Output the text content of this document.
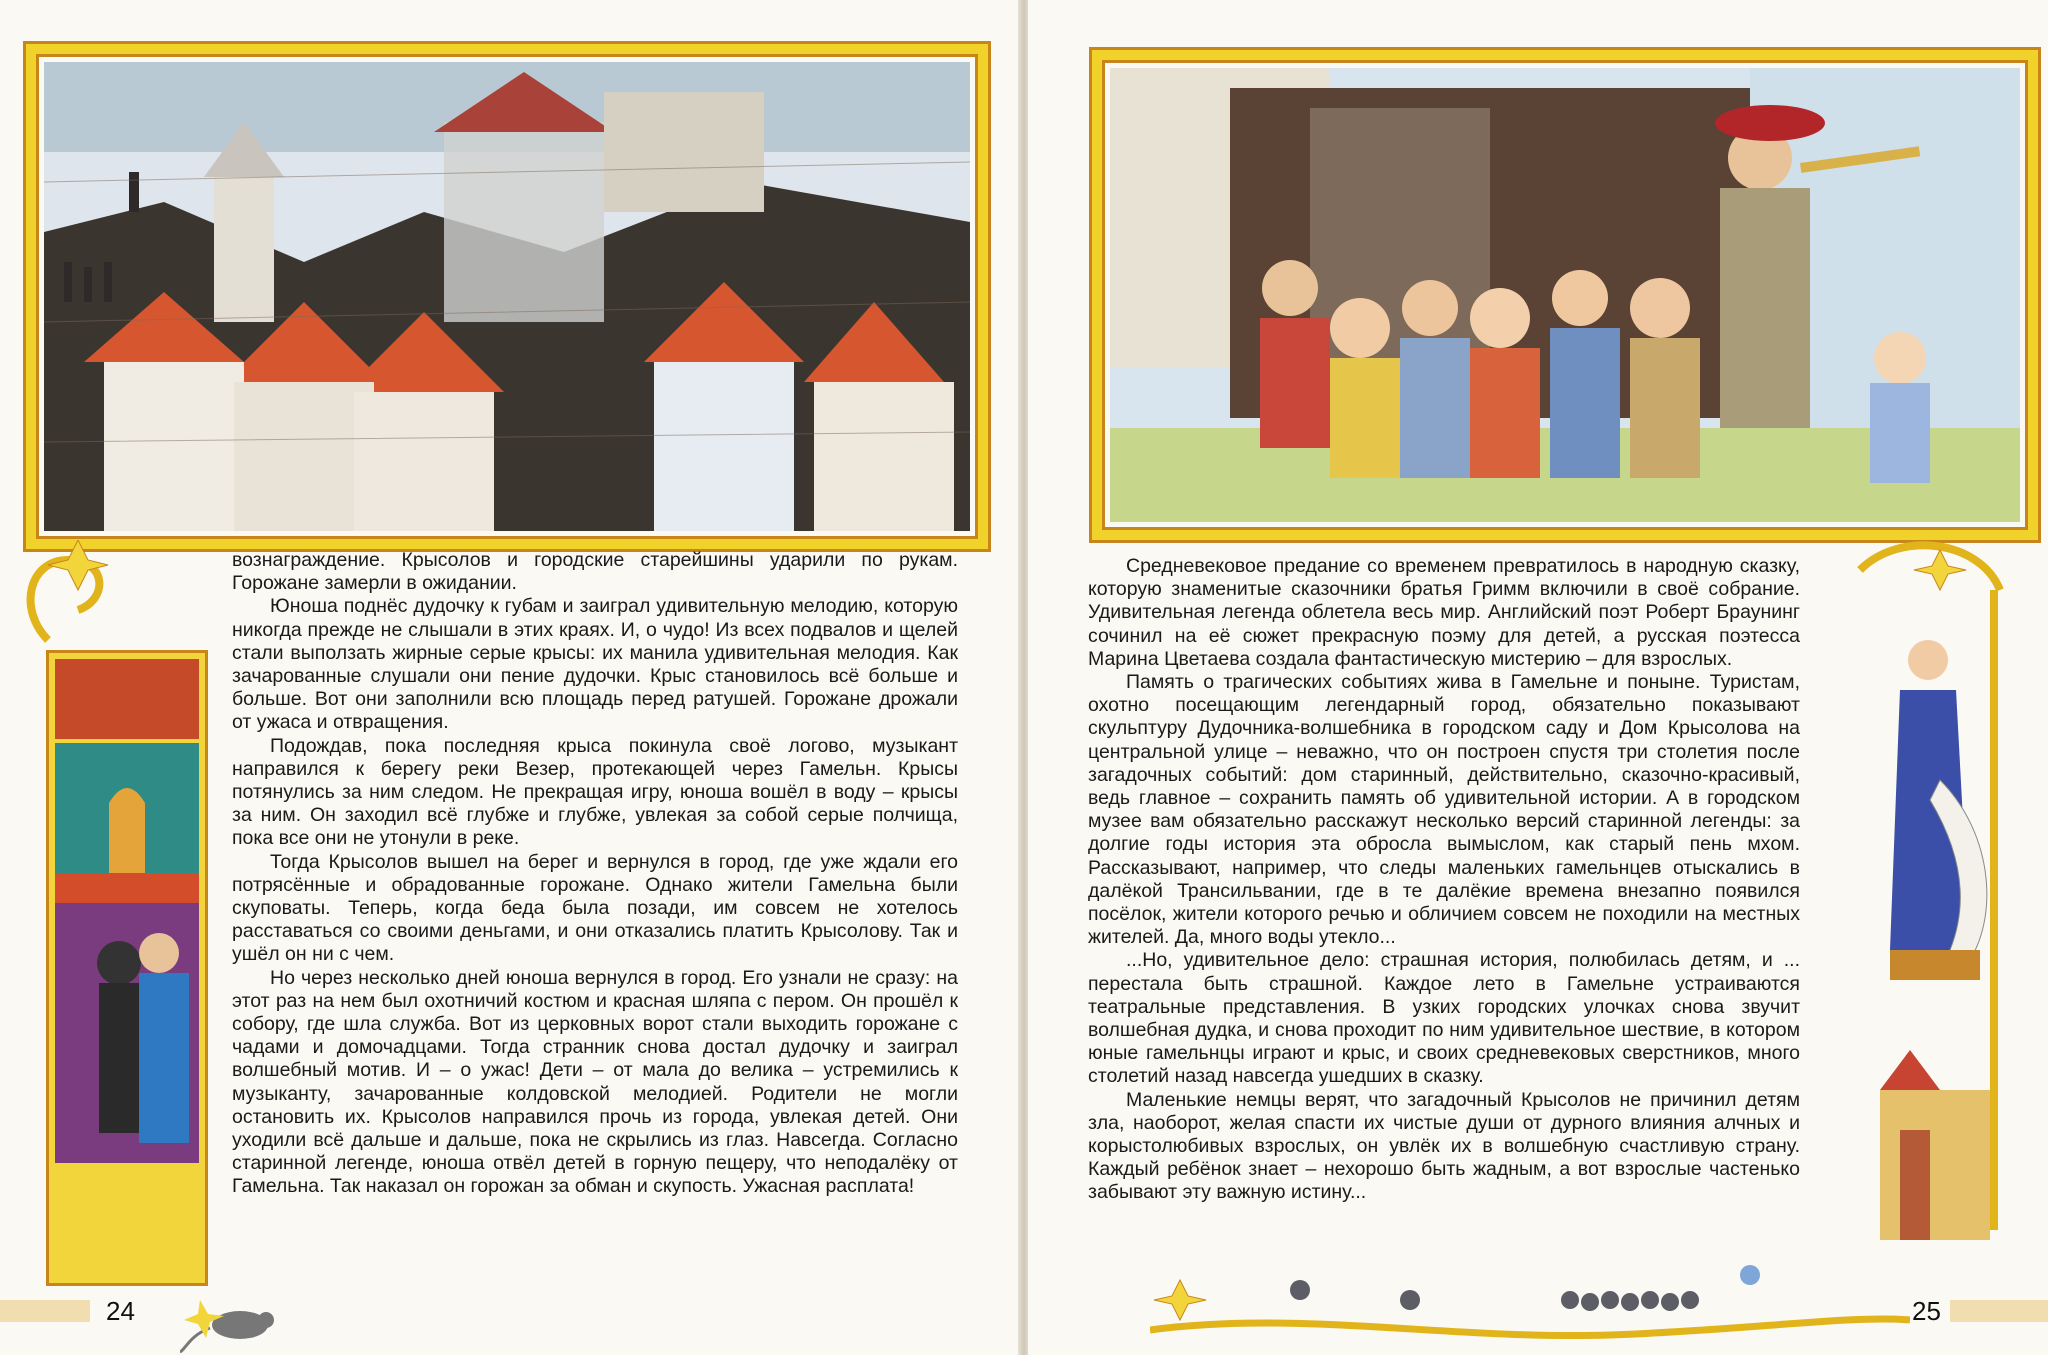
вознаграждение. Крысолов и городские старейшины ударили по рукам. Горожане замерли в ожидании.

Юноша поднёс дудочку к губам и заиграл удивительную мелодию, которую никогда прежде не слышали в этих краях. И, о чудо! Из всех подвалов и щелей стали выползать жирные серые крысы: их манила удивительная мелодия. Как зачарованные слушали они пение дудочки. Крыс становилось всё больше и больше. Вот они заполнили всю площадь перед ратушей. Горожане дрожали от ужаса и отвращения.

Подождав, пока последняя крыса покинула своё логово, музыкант направился к берегу реки Везер, протекающей через Гамельн. Крысы потянулись за ним следом. Не прекращая игру, юноша вошёл в воду – крысы за ним. Он заходил всё глубже и глубже, увлекая за собой серые полчища, пока все они не утонули в реке.

Тогда Крысолов вышел на берег и вернулся в город, где уже ждали его потрясённые и обрадованные горожане. Однако жители Гамельна были скуповаты. Теперь, когда беда была позади, им совсем не хотелось расставаться со своими деньгами, и они отказались платить Крысолову. Так и ушёл он ни с чем.

Но через несколько дней юноша вернулся в город. Его узнали не сразу: на этот раз на нем был охотничий костюм и красная шляпа с пером. Он прошёл к собору, где шла служба. Вот из церковных ворот стали выходить горожане с чадами и домочадцами. Тогда странник снова достал дудочку и заиграл волшебный мотив. И – о ужас! Дети – от мала до велика – устремились к музыканту, зачарованные колдовской мелодией. Родители не могли остановить их. Крысолов направился прочь из города, увлекая детей. Они уходили всё дальше и дальше, пока не скрылись из глаз. Навсегда. Согласно старинной легенде, юноша отвёл детей в горную пещеру, что неподалёку от Гамельна. Так наказал он горожан за обман и скупость. Ужасная расплата!

Средневековое предание со временем превратилось в народную сказку, которую знаменитые сказочники братья Гримм включили в своё собрание. Удивительная легенда облетела весь мир. Английский поэт Роберт Браунинг сочинил на её сюжет прекрасную поэму для детей, а русская поэтесса Марина Цветаева создала фантастическую мистерию – для взрослых.

Память о трагических событиях жива в Гамельне и поныне. Туристам, охотно посещающим легендарный город, обязательно показывают скульптуру Дудочника-волшебника в городском саду и Дом Крысолова на центральной улице – неважно, что он построен спустя три столетия после загадочных событий: дом старинный, действительно, сказочно-красивый, ведь главное – сохранить память об удивительной истории. А в городском музее вам обязательно расскажут несколько версий старинной легенды: за долгие годы история эта обросла вымыслом, как старый пень мхом. Рассказывают, например, что следы маленьких гамельнцев отыскались в далёкой Трансильвании, где в те далёкие времена внезапно появился посёлок, жители которого речью и обличием совсем не походили на местных жителей. Да, много воды утекло...

...Но, удивительное дело: страшная история, полюбилась детям, и ... перестала быть страшной. Каждое лето в Гамельне устраиваются театральные представления. В узких городских улочках снова звучит волшебная дудка, и снова проходит по ним удивительное шествие, в котором юные гамельнцы играют и крыс, и своих средневековых сверстников, много столетий назад навсегда ушедших в сказку.

Маленькие немцы верят, что загадочный Крысолов не причинил детям зла, наоборот, желая спасти их чистые души от дурного влияния алчных и корыстолюбивых взрослых, он увлёк их в волшебную счастливую страну. Каждый ребёнок знает – нехорошо быть жадным, а вот взрослые частенько забывают эту важную истину...

24	25
